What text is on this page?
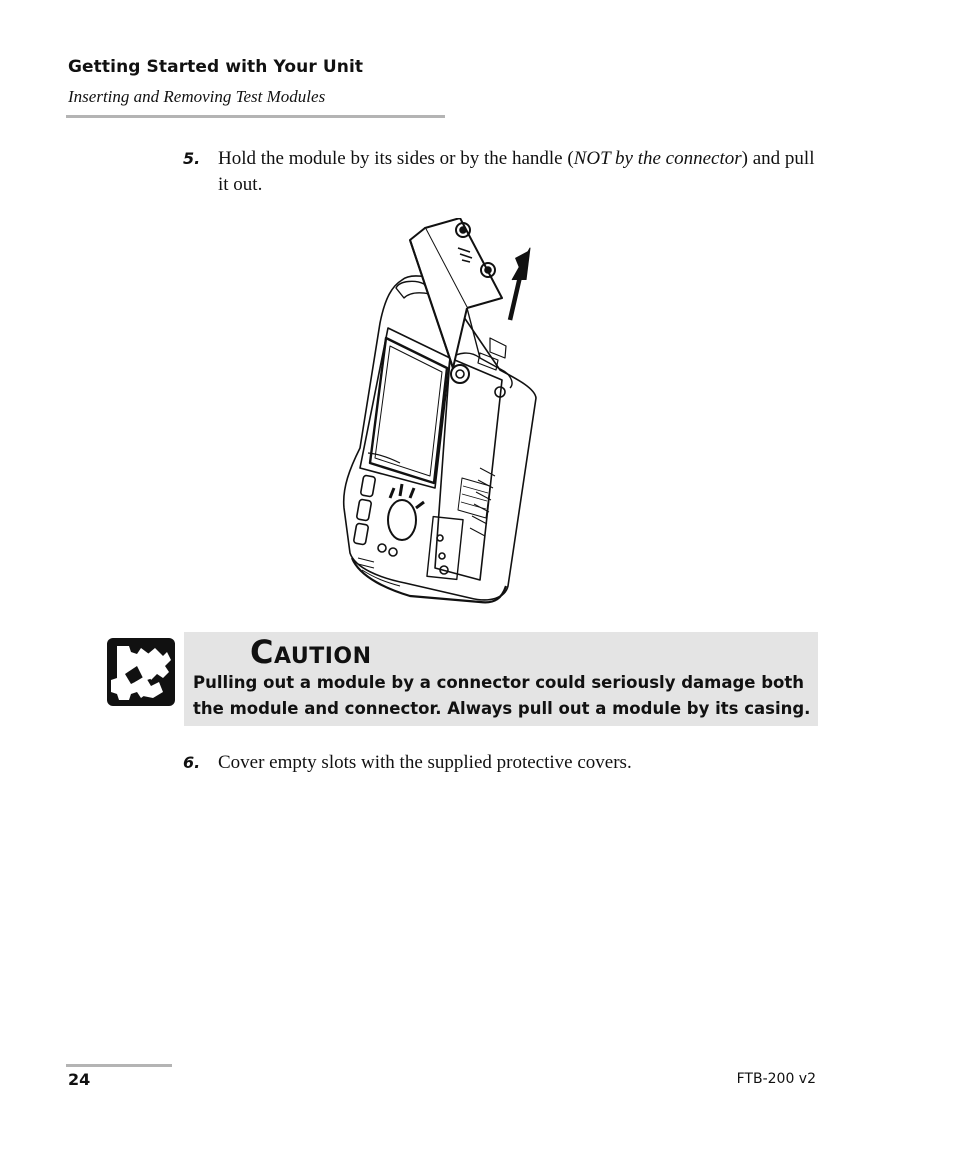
Getting Started with Your Unit
Inserting and Removing Test Modules
5. Hold the module by its sides or by the handle (NOT by the connector) and pull it out.
Caution
Pulling out a module by a connector could seriously damage both the module and connector. Always pull out a module by its casing.
6. Cover empty slots with the supplied protective covers.
24	FTB-200 v2
